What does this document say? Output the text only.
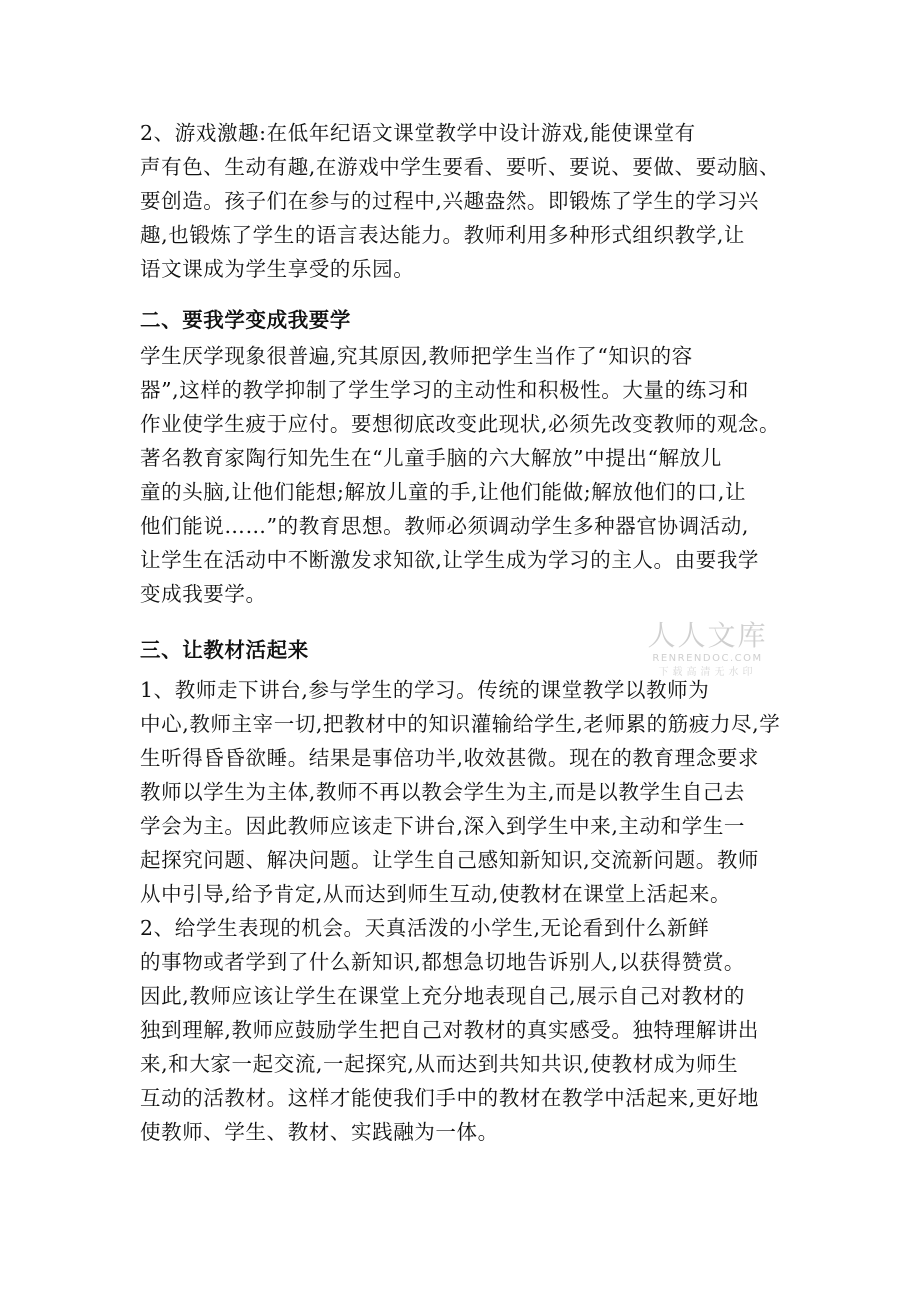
2、游戏激趣:在低年纪语文课堂教学中设计游戏,能使课堂有
声有色、生动有趣,在游戏中学生要看、要听、要说、要做、要动脑、
要创造。孩子们在参与的过程中,兴趣盎然。即锻炼了学生的学习兴
趣,也锻炼了学生的语言表达能力。教师利用多种形式组织教学,让
语文课成为学生享受的乐园。
二、要我学变成我要学
学生厌学现象很普遍,究其原因,教师把学生当作了“知识的容
器”,这样的教学抑制了学生学习的主动性和积极性。大量的练习和
作业使学生疲于应付。要想彻底改变此现状,必须先改变教师的观念。
著名教育家陶行知先生在“儿童手脑的六大解放”中提出“解放儿
童的头脑,让他们能想;解放儿童的手,让他们能做;解放他们的口,让
他们能说……”的教育思想。教师必须调动学生多种器官协调活动,
让学生在活动中不断激发求知欲,让学生成为学习的主人。由要我学
变成我要学。
三、让教材活起来
1、教师走下讲台,参与学生的学习。传统的课堂教学以教师为
中心,教师主宰一切,把教材中的知识灌输给学生,老师累的筋疲力尽,学
生听得昏昏欲睡。结果是事倍功半,收效甚微。现在的教育理念要求
教师以学生为主体,教师不再以教会学生为主,而是以教学生自己去
学会为主。因此教师应该走下讲台,深入到学生中来,主动和学生一
起探究问题、解决问题。让学生自己感知新知识,交流新问题。教师
从中引导,给予肯定,从而达到师生互动,使教材在课堂上活起来。
2、给学生表现的机会。天真活泼的小学生,无论看到什么新鲜
的事物或者学到了什么新知识,都想急切地告诉别人,以获得赞赏。
因此,教师应该让学生在课堂上充分地表现自己,展示自己对教材的
独到理解,教师应鼓励学生把自己对教材的真实感受。独特理解讲出
来,和大家一起交流,一起探究,从而达到共知共识,使教材成为师生
互动的活教材。这样才能使我们手中的教材在教学中活起来,更好地
使教师、学生、教材、实践融为一体。
人人文库
RENRENDOC.COM
下载高清无水印
